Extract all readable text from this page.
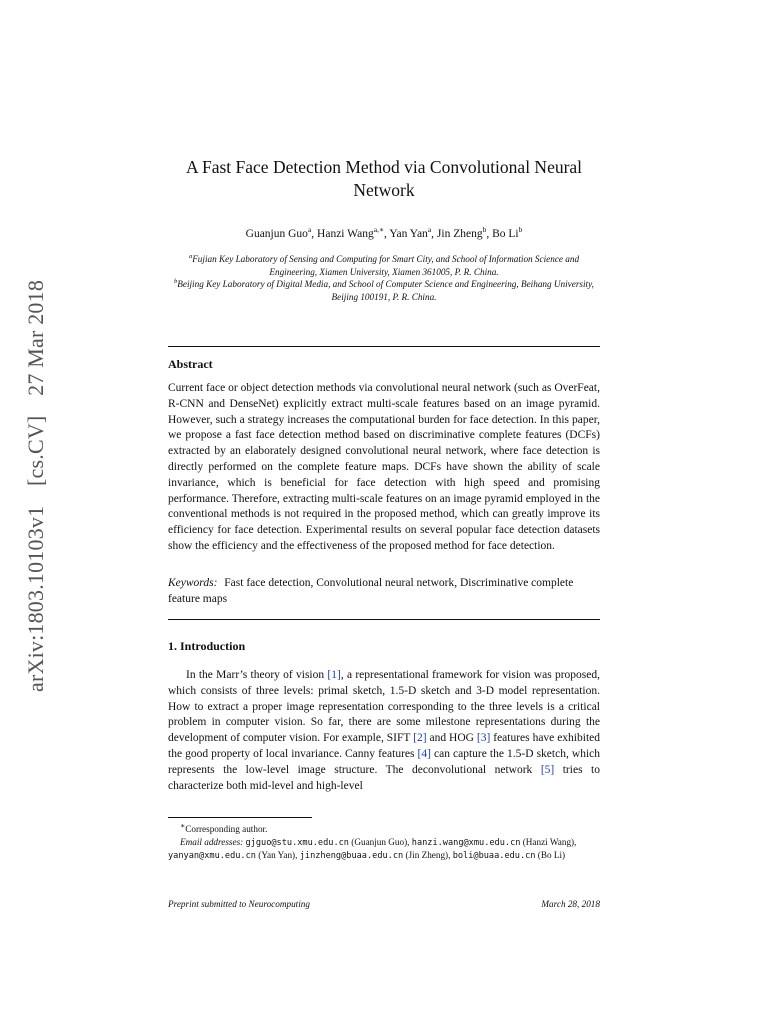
arXiv:1803.10103v1 [cs.CV] 27 Mar 2018
A Fast Face Detection Method via Convolutional Neural Network
Guanjun Guo$^a$, Hanzi Wang$^{a,∗}$, Yan Yan$^a$, Jin Zheng$^b$, Bo Li$^b$
$^a$Fujian Key Laboratory of Sensing and Computing for Smart City, and School of Information Science and Engineering, Xiamen University, Xiamen 361005, P. R. China.
$^b$Beijing Key Laboratory of Digital Media, and School of Computer Science and Engineering, Beihang University, Beijing 100191, P. R. China.
Abstract
Current face or object detection methods via convolutional neural network (such as OverFeat, R-CNN and DenseNet) explicitly extract multi-scale features based on an image pyramid. However, such a strategy increases the computational burden for face detection. In this paper, we propose a fast face detection method based on discriminative complete features (DCFs) extracted by an elaborately designed convolutional neural network, where face detection is directly performed on the complete feature maps. DCFs have shown the ability of scale invariance, which is beneficial for face detection with high speed and promising performance. Therefore, extracting multi-scale features on an image pyramid employed in the conventional methods is not required in the proposed method, which can greatly improve its efficiency for face detection. Experimental results on several popular face detection datasets show the efficiency and the effectiveness of the proposed method for face detection.
Keywords: Fast face detection, Convolutional neural network, Discriminative complete feature maps
1. Introduction
In the Marr’s theory of vision [1], a representational framework for vision was proposed, which consists of three levels: primal sketch, 1.5-D sketch and 3-D model representation. How to extract a proper image representation corresponding to the three levels is a critical problem in computer vision. So far, there are some milestone representations during the development of computer vision. For example, SIFT [2] and HOG [3] features have exhibited the good property of local invariance. Canny features [4] can capture the 1.5-D sketch, which represents the low-level image structure. The deconvolutional network [5] tries to characterize both mid-level and high-level
∗Corresponding author.
Email addresses: gjguo@stu.xmu.edu.cn (Guanjun Guo), hanzi.wang@xmu.edu.cn (Hanzi Wang), yanyan@xmu.edu.cn (Yan Yan), jinzheng@buaa.edu.cn (Jin Zheng), boli@buaa.edu.cn (Bo Li)
Preprint submitted to Neurocomputing	March 28, 2018
